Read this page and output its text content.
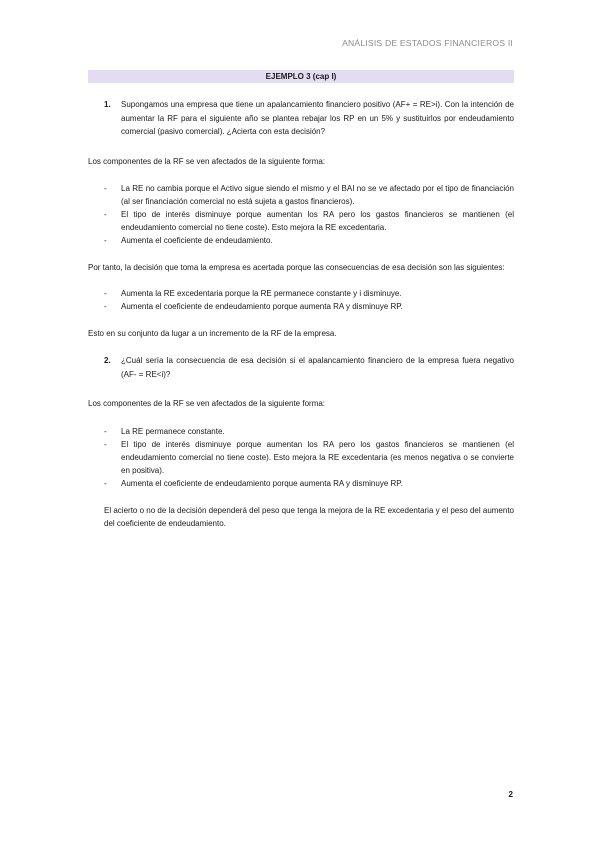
ANÁLISIS DE ESTADOS FINANCIEROS II
EJEMPLO 3 (cap I)
1.	Supongamos una empresa que tiene un apalancamiento financiero positivo (AF+ = RE>i). Con la intención de aumentar la RF para el siguiente año se plantea rebajar los RP en un 5% y sustituirlos por endeudamiento comercial (pasivo comercial). ¿Acierta con esta decisión?
Los componentes de la RF se ven afectados de la siguiente forma:
-	La RE no cambia porque el Activo sigue siendo el mismo y el BAI no se ve afectado por el tipo de financiación (al ser financiación comercial no está sujeta a gastos financieros).
-	El tipo de interés disminuye porque aumentan los RA pero los gastos financieros se mantienen (el endeudamiento comercial no tiene coste). Esto mejora la RE excedentaria.
-	Aumenta el coeficiente de endeudamiento.
Por tanto, la decisión que toma la empresa es acertada porque las consecuencias de esa decisión son las siguientes:
-	Aumenta la RE excedentaria porque la RE permanece constante y i disminuye.
-	Aumenta el coeficiente de endeudamiento porque aumenta RA y disminuye RP.
Esto en su conjunto da lugar a un incremento de la RF de la empresa.
2.	¿Cuál sería la consecuencia de esa decisión si el apalancamiento financiero de la empresa fuera negativo (AF- = RE<i)?
Los componentes de la RF se ven afectados de la siguiente forma:
-	La RE permanece constante.
-	El tipo de interés disminuye porque aumentan los RA pero los gastos financieros se mantienen (el endeudamiento comercial no tiene coste). Esto mejora la RE excedentaria (es menos negativa o se convierte en positiva).
-	Aumenta el coeficiente de endeudamiento porque aumenta RA y disminuye RP.
El acierto o no de la decisión dependerá del peso que tenga la mejora de la RE excedentaria y el peso del aumento del coeficiente de endeudamiento.
2
